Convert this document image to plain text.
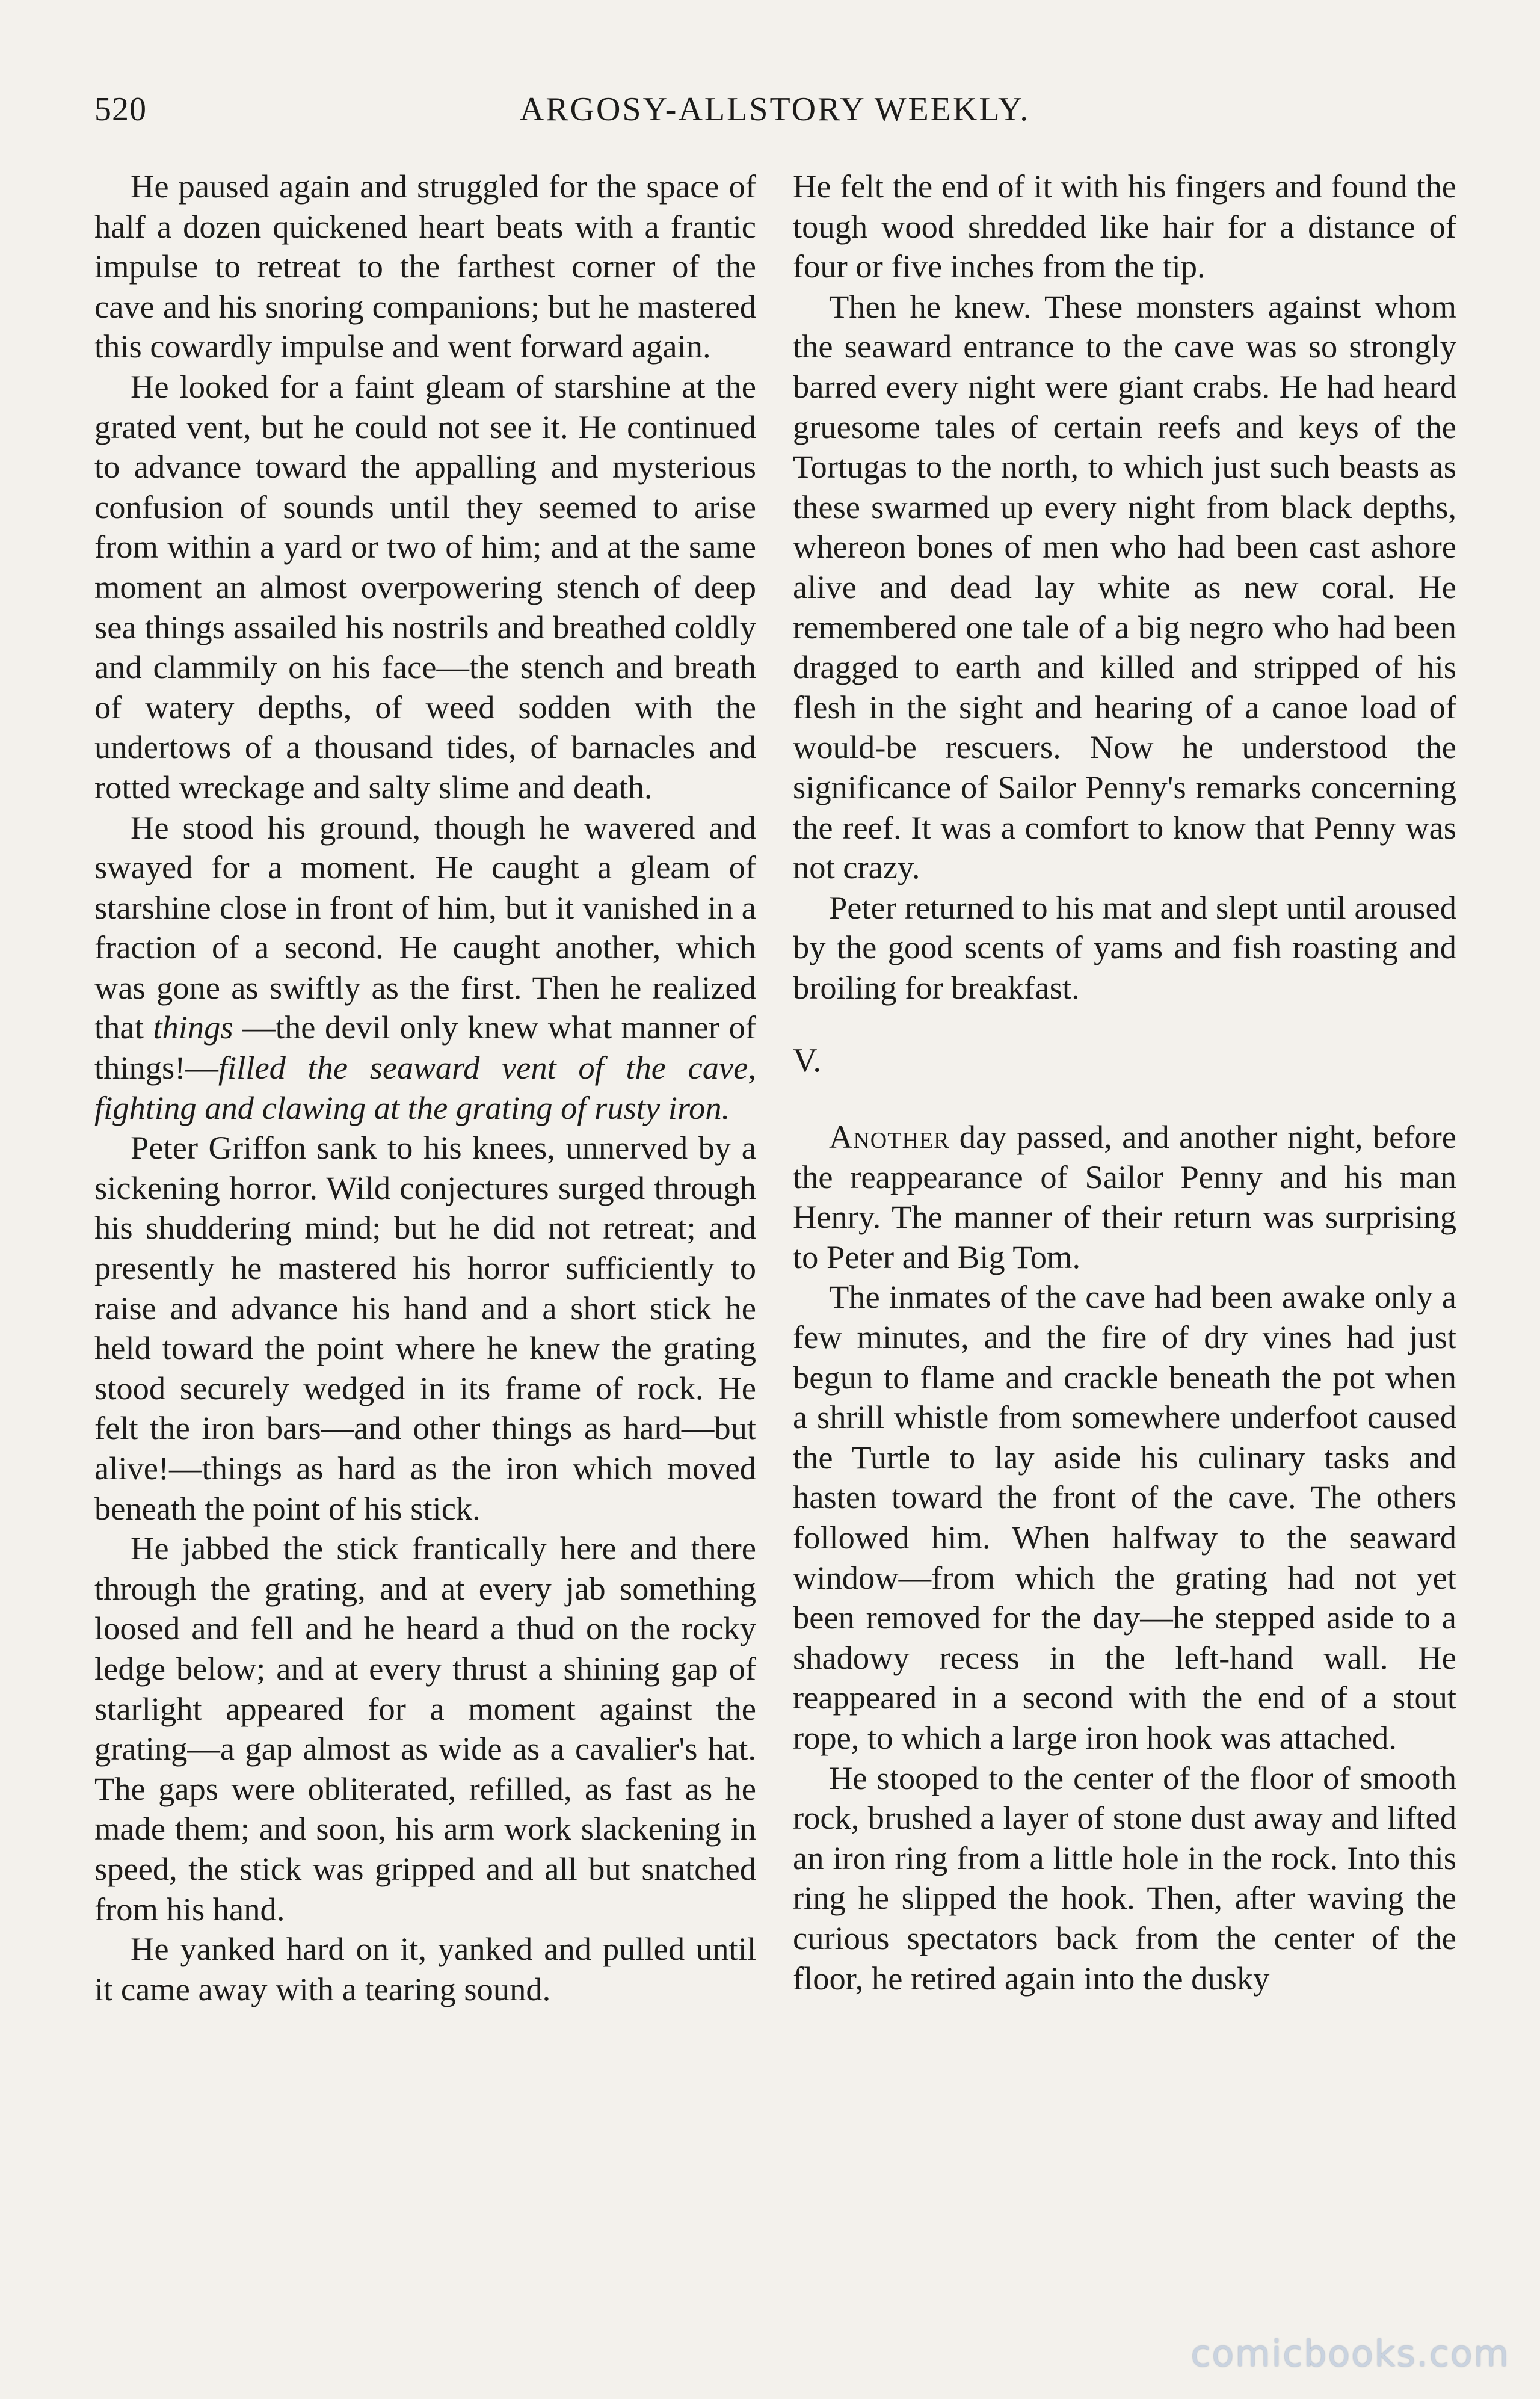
520	ARGOSY-ALLSTORY WEEKLY.

He paused again and struggled for the space of half a dozen quickened heart beats with a frantic impulse to retreat to the farthest corner of the cave and his snoring companions; but he mastered this cowardly impulse and went forward again.

He looked for a faint gleam of starshine at the grated vent, but he could not see it. He continued to advance toward the appalling and mysterious confusion of sounds until they seemed to arise from within a yard or two of him; and at the same moment an almost overpowering stench of deep sea things assailed his nostrils and breathed coldly and clammily on his face—the stench and breath of watery depths, of weed sodden with the undertows of a thousand tides, of barnacles and rotted wreckage and salty slime and death.

He stood his ground, though he wavered and swayed for a moment. He caught a gleam of starshine close in front of him, but it vanished in a fraction of a second. He caught another, which was gone as swiftly as the first. Then he realized that things —the devil only knew what manner of things!—filled the seaward vent of the cave, fighting and clawing at the grating of rusty iron.

Peter Griffon sank to his knees, unnerved by a sickening horror. Wild conjectures surged through his shuddering mind; but he did not retreat; and presently he mastered his horror sufficiently to raise and advance his hand and a short stick he held toward the point where he knew the grating stood securely wedged in its frame of rock. He felt the iron bars—and other things as hard—but alive!—things as hard as the iron which moved beneath the point of his stick.

He jabbed the stick frantically here and there through the grating, and at every jab something loosed and fell and he heard a thud on the rocky ledge below; and at every thrust a shining gap of starlight appeared for a moment against the grating—a gap almost as wide as a cavalier's hat. The gaps were obliterated, refilled, as fast as he made them; and soon, his arm work slackening in speed, the stick was gripped and all but snatched from his hand.

He yanked hard on it, yanked and pulled until it came away with a tearing sound.

He felt the end of it with his fingers and found the tough wood shredded like hair for a distance of four or five inches from the tip.

Then he knew. These monsters against whom the seaward entrance to the cave was so strongly barred every night were giant crabs. He had heard gruesome tales of certain reefs and keys of the Tortugas to the north, to which just such beasts as these swarmed up every night from black depths, whereon bones of men who had been cast ashore alive and dead lay white as new coral. He remembered one tale of a big negro who had been dragged to earth and killed and stripped of his flesh in the sight and hearing of a canoe load of would-be rescuers. Now he understood the significance of Sailor Penny's remarks concerning the reef. It was a comfort to know that Penny was not crazy.

Peter returned to his mat and slept until aroused by the good scents of yams and fish roasting and broiling for breakfast.

V.

Another day passed, and another night, before the reappearance of Sailor Penny and his man Henry. The manner of their return was surprising to Peter and Big Tom.

The inmates of the cave had been awake only a few minutes, and the fire of dry vines had just begun to flame and crackle beneath the pot when a shrill whistle from somewhere underfoot caused the Turtle to lay aside his culinary tasks and hasten toward the front of the cave. The others followed him. When halfway to the seaward window—from which the grating had not yet been removed for the day—he stepped aside to a shadowy recess in the left-hand wall. He reappeared in a second with the end of a stout rope, to which a large iron hook was attached.

He stooped to the center of the floor of smooth rock, brushed a layer of stone dust away and lifted an iron ring from a little hole in the rock. Into this ring he slipped the hook. Then, after waving the curious spectators back from the center of the floor, he retired again into the dusky

comicbooks.com
